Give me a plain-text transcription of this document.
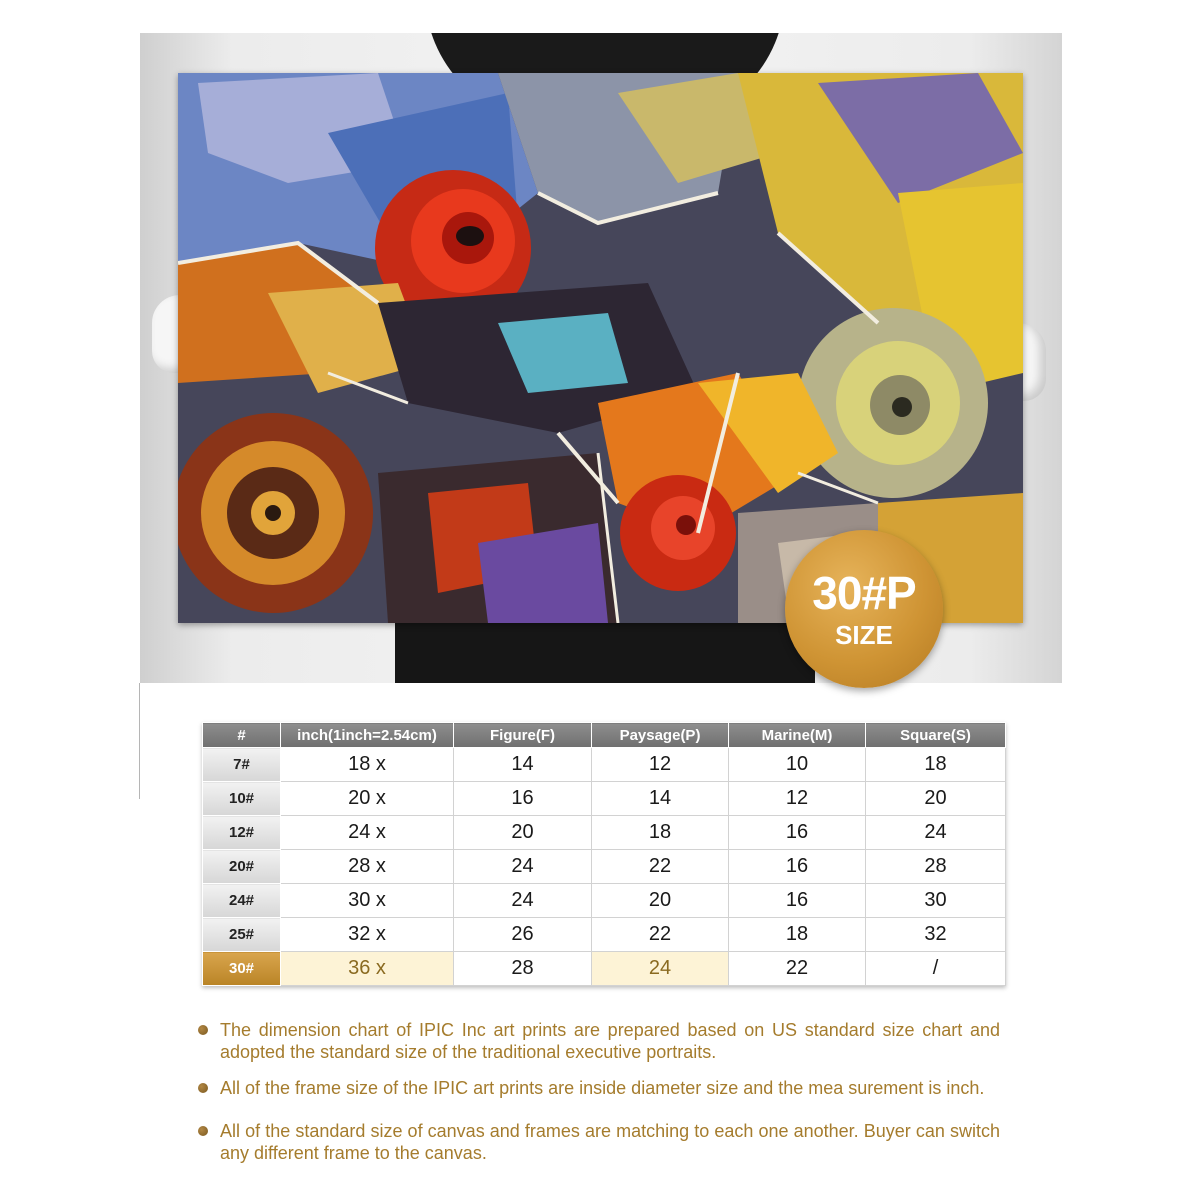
30#P
SIZE
#	inch(1inch=2.54cm)	Figure(F)	Paysage(P)	Marine(M)	Square(S)
7#	18 x	14	12	10	18
10#	20 x	16	14	12	20
12#	24 x	20	18	16	24
20#	28 x	24	22	16	28
24#	30 x	24	20	16	30
25#	32 x	26	22	18	32
30#	36 x	28	24	22	/
The dimension chart of IPIC Inc art prints are prepared based on US standard size chart and adopted the standard size of the traditional executive portraits.
All of the frame size of the IPIC art prints are inside diameter size and the mea surement is inch.
All of the standard size of canvas and frames are matching to each one another. Buyer can switch any different frame to the canvas.
